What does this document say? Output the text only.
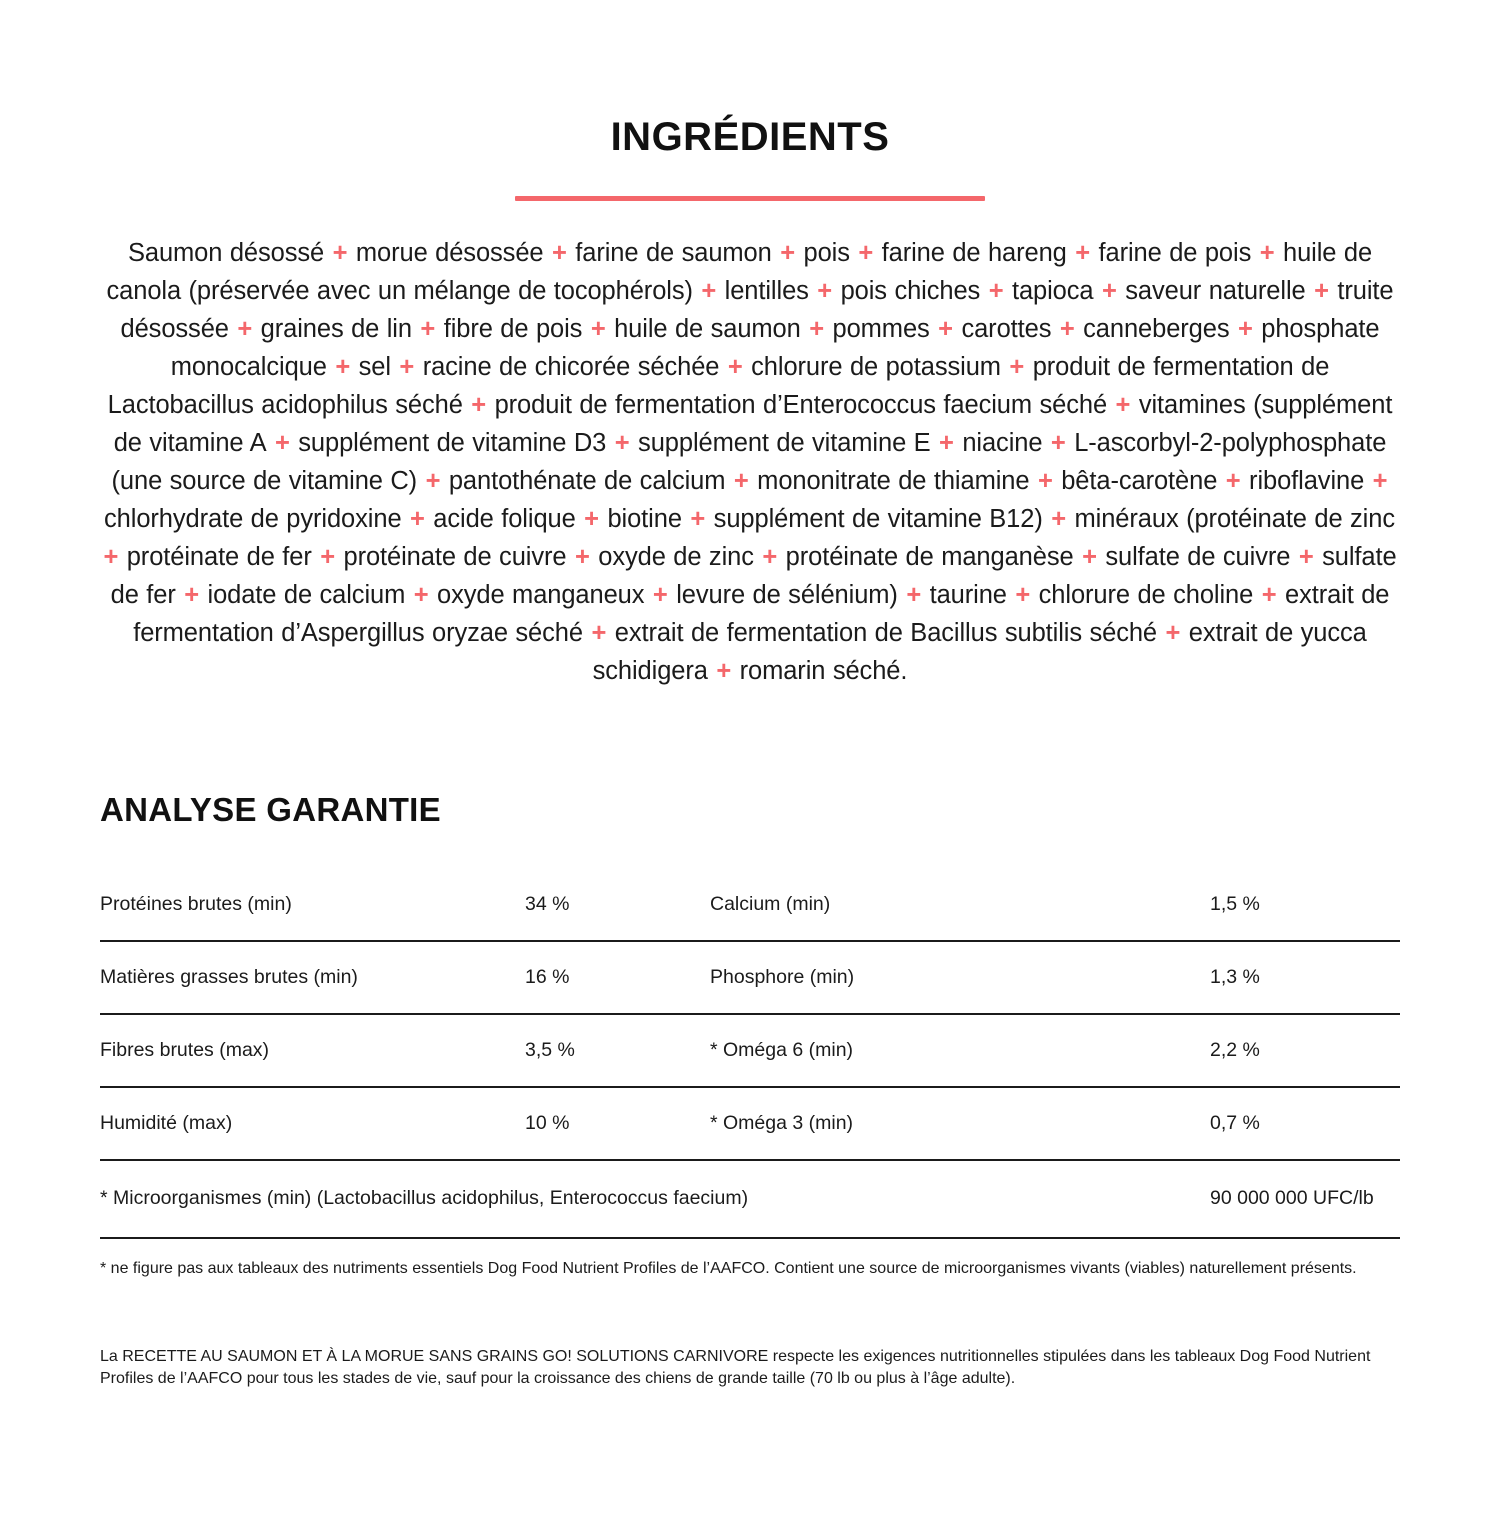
INGRÉDIENTS
Saumon désossé + morue désossée + farine de saumon + pois + farine de hareng + farine de pois + huile de canola (préservée avec un mélange de tocophérols) + lentilles + pois chiches + tapioca + saveur naturelle + truite désossée + graines de lin + fibre de pois + huile de saumon + pommes + carottes + canneberges + phosphate monocalcique + sel + racine de chicorée séchée + chlorure de potassium + produit de fermentation de Lactobacillus acidophilus séché + produit de fermentation d’Enterococcus faecium séché + vitamines (supplément de vitamine A + supplément de vitamine D3 + supplément de vitamine E + niacine + L-ascorbyl-2-polyphosphate (une source de vitamine C) + pantothénate de calcium + mononitrate de thiamine + bêta-carotène + riboflavine + chlorhydrate de pyridoxine + acide folique + biotine + supplément de vitamine B12) + minéraux (protéinate de zinc + protéinate de fer + protéinate de cuivre + oxyde de zinc + protéinate de manganèse + sulfate de cuivre + sulfate de fer + iodate de calcium + oxyde manganeux + levure de sélénium) + taurine + chlorure de choline + extrait de fermentation d’Aspergillus oryzae séché + extrait de fermentation de Bacillus subtilis séché + extrait de yucca schidigera + romarin séché.
ANALYSE GARANTIE
Protéines brutes (min)	34 %	Calcium (min)	1,5 %
Matières grasses brutes (min)	16 %	Phosphore (min)	1,3 %
Fibres brutes (max)	3,5 %	* Oméga 6 (min)	2,2 %
Humidité (max)	10 %	* Oméga 3 (min)	0,7 %
* Microorganismes (min) (Lactobacillus acidophilus, Enterococcus faecium)			90 000 000 UFC/lb

* ne figure pas aux tableaux des nutriments essentiels Dog Food Nutrient Profiles de l’AAFCO. Contient une source de microorganismes vivants (viables) naturellement présents.

La RECETTE AU SAUMON ET À LA MORUE SANS GRAINS GO! SOLUTIONS CARNIVORE respecte les exigences nutritionnelles stipulées dans les tableaux Dog Food Nutrient Profiles de l’AAFCO pour tous les stades de vie, sauf pour la croissance des chiens de grande taille (70 lb ou plus à l’âge adulte).
